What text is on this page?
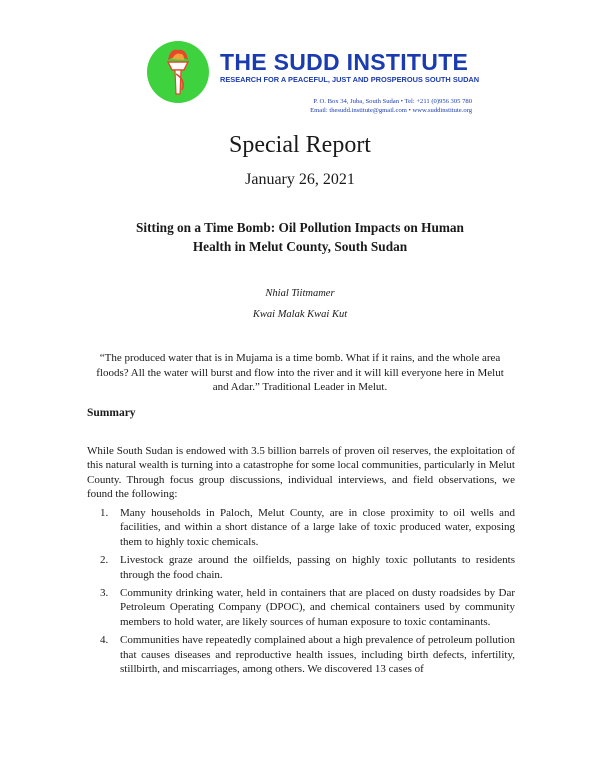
THE SUDD INSTITUTE
RESEARCH FOR A PEACEFUL, JUST AND PROSPEROUS SOUTH SUDAN
P. O. Box 34, Juba, South Sudan • Tel: +211 (0)956 305 780
Email: thesudd.institute@gmail.com • www.suddinstitute.org
Special Report
January 26, 2021
Sitting on a Time Bomb: Oil Pollution Impacts on Human
Health in Melut County, South Sudan
Nhial Tiitmamer
Kwai Malak Kwai Kut
“The produced water that is in Mujama is a time bomb. What if it rains, and the whole area floods? All the water will burst and flow into the river and it will kill everyone here in Melut and Adar.” Traditional Leader in Melut.
Summary
While South Sudan is endowed with 3.5 billion barrels of proven oil reserves, the exploitation of this natural wealth is turning into a catastrophe for some local communities, particularly in Melut County. Through focus group discussions, individual interviews, and field observations, we found the following:
1. Many households in Paloch, Melut County, are in close proximity to oil wells and facilities, and within a short distance of a large lake of toxic produced water, exposing them to highly toxic chemicals.
2. Livestock graze around the oilfields, passing on highly toxic pollutants to residents through the food chain.
3. Community drinking water, held in containers that are placed on dusty roadsides by Dar Petroleum Operating Company (DPOC), and chemical containers used by community members to hold water, are likely sources of human exposure to toxic contaminants.
4. Communities have repeatedly complained about a high prevalence of petroleum pollution that causes diseases and reproductive health issues, including birth defects, infertility, stillbirth, and miscarriages, among others. We discovered 13 cases of
